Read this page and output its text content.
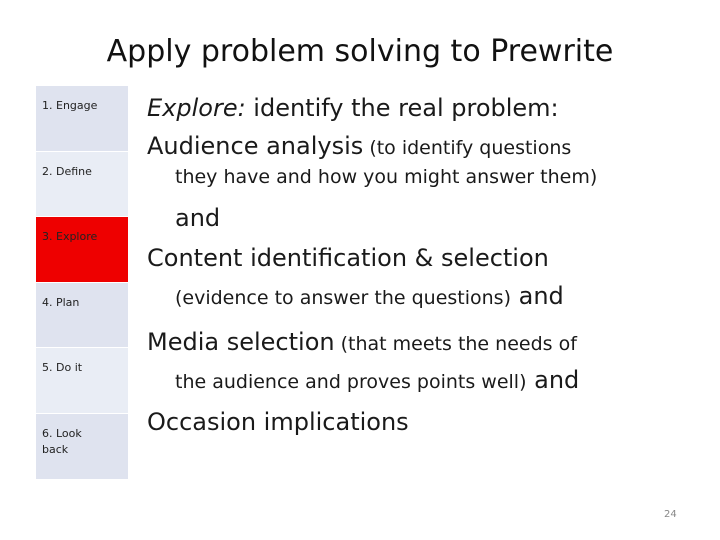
Apply problem solving to Prewrite
1. Engage
2. Define
3. Explore
4. Plan
5. Do it
6. Look back
Explore: identify the real problem:
Audience analysis (to identify questions
they have and how you might answer them)
and
Content identification & selection
(evidence to answer the questions) and
Media selection (that meets the needs of
the audience and proves points well) and
Occasion implications
24
